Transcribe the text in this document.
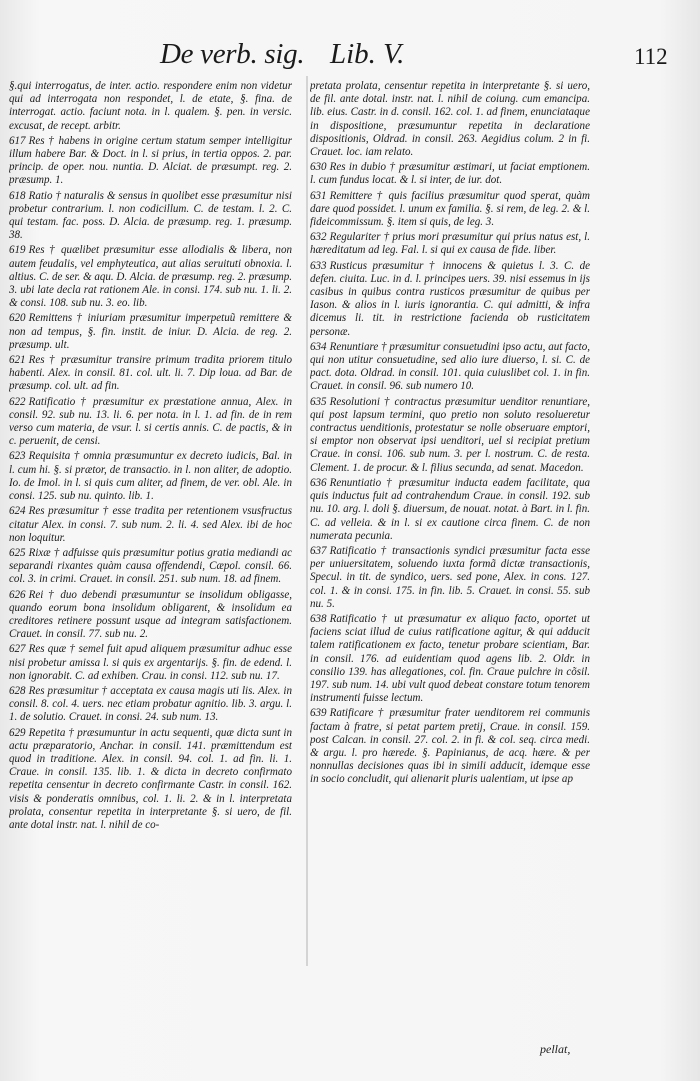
De verb. sig. Lib. V.	112

§.qui interrogatus, de inter. actio. respondere enim non videtur qui ad interrogata non respondet, l. de etate, §. fina. de interrogat. actio. faciunt nota. in l. qualem. §. pen. in versic. excusat, de recept. arbitr.

617 Res † habens in origine certum statum semper intelligitur illum habere Bar. & Doct. in l. si prius, in tertia oppos. 2. par. princip. de oper. nou. nuntia. D. Alciat. de præsumpt. reg. 2. præsump. 1.

618 Ratio † naturalis & sensus in quolibet esse præsumitur nisi probetur contrarium. l. non codicillum. C. de testam. l. 2. C. qui testam. fac. poss. D. Alcia. de præsump. reg. 1. præsump. 38.

619 Res † quælibet præsumitur esse allodialis & libera, non autem feudalis, vel emphyteutica, aut alias seruituti obnoxia. l. altius. C. de ser. & aqu. D. Alcia. de præsump. reg. 2. præsump. 3. ubi late decla rat rationem Ale. in consi. 174. sub nu. 1. li. 2. & consi. 108. sub nu. 3. eo. lib.

620 Remittens † iniuriam præsumitur imperpetuũ remittere & non ad tempus, §. fin. instit. de iniur. D. Alcia. de reg. 2. præsump. ult.

621 Res † præsumitur transire primum tradita priorem titulo habenti. Alex. in consil. 81. col. ult. li. 7. Dip loua. ad Bar. de præsump. col. ult. ad fin.

622 Ratificatio † præsumitur ex præstatione annua, Alex. in consil. 92. sub nu. 13. li. 6. per nota. in l. 1. ad fin. de in rem verso cum materia, de vsur. l. si certis annis. C. de pactis, & in c. peruenit, de censi.

623 Requisita † omnia præsumuntur ex decreto iudicis, Bal. in l. cum hi. §. si prætor, de transactio. in l. non aliter, de adoptio. Io. de Imol. in l. si quis cum aliter, ad finem, de ver. obl. Ale. in consi. 125. sub nu. quinto. lib. 1.

624 Res præsumitur † esse tradita per retentionem vsusfructus citatur Alex. in consi. 7. sub num. 2. li. 4. sed Alex. ibi de hoc non loquitur.

625 Rixæ † adfuisse quis præsumitur potius gratia mediandi ac separandi rixantes quàm causa offendendi, Cæpol. consil. 66. col. 3. in crimi. Crauet. in consil. 251. sub num. 18. ad finem.

626 Rei † duo debendi præsumuntur se insolidum obligasse, quando eorum bona insolidum obligarent, & insolidum ea creditores retinere possunt usque ad integram satisfactionem. Crauet. in consil. 77. sub nu. 2.

627 Res quæ † semel fuit apud aliquem præsumitur adhuc esse nisi probetur amissa l. si quis ex argentarijs. §. fin. de edend. l. non ignorabit. C. ad exhiben. Crau. in consi. 112. sub nu. 17.

628 Res præsumitur † acceptata ex causa magis uti lis. Alex. in consil. 8. col. 4. uers. nec etiam probatur agnitio. lib. 3. argu. l. 1. de solutio. Crauet. in consi. 24. sub num. 13.

629 Repetita † præsumuntur in actu sequenti, quæ dicta sunt in actu præparatorio, Anchar. in consil. 141. præmittendum est quod in traditione. Alex. in consil. 94. col. 1. ad fin. li. 1. Craue. in consil. 135. lib. 1. & dicta in decreto confirmato repetita censentur in decreto confirmante Castr. in consil. 162. visis & ponderatis omnibus, col. 1. li. 2. & in l. interpretata prolata, consentur repetita in interpretante §. si uero, de fil. ante dotal instr. nat. l. nihil de co-

pretata prolata, censentur repetita in interpretante §. si uero, de fil. ante dotal. instr. nat. l. nihil de coiung. cum emancipa. lib. eius. Castr. in d. consil. 162. col. 1. ad finem, enunciataque in dispositione, præsumuntur repetita in declaratione dispositionis, Oldrad. in consil. 263. Aegidius colum. 2 in fi. Crauet. loc. iam relato.

630 Res in dubio † præsumitur æstimari, ut faciat emptionem. l. cum fundus locat. & l. si inter, de iur. dot.

631 Remittere † quis facilius præsumitur quod sperat, quàm dare quod possidet. l. unum ex familia. §. si rem, de leg. 2. & l. fideicommissum. §. item si quis, de leg. 3.

632 Regulariter † prius mori præsumitur qui prius natus est, l. hæreditatum ad leg. Fal. l. si qui ex causa de fide. liber.

633 Rusticus præsumitur † innocens & quietus l. 3. C. de defen. ciuita. Luc. in d. l. principes uers. 39. nisi essemus in ijs casibus in quibus contra rusticos præsumitur de quibus per Iason. & alios in l. iuris ignorantia. C. qui admitti, & infra dicemus li. tit. in restrictione facienda ob rusticitatem personæ.

634 Renuntiare † præsumitur consuetudini ipso actu, aut facto, qui non utitur consuetudine, sed alio iure diuerso, l. si. C. de pact. dota. Oldrad. in consil. 101. quia cuiuslibet col. 1. in fin. Crauet. in consil. 96. sub numero 10.

635 Resolutioni † contractus præsumitur uenditor renuntiare, qui post lapsum termini, quo pretio non soluto resolueretur contractus uenditionis, protestatur se nolle obseruare emptori, si emptor non observat ipsi uenditori, uel si recipiat pretium Craue. in consi. 106. sub num. 3. per l. nostrum. C. de resta. Clement. 1. de procur. & l. filius secunda, ad senat. Macedon.

636 Renuntiatio † præsumitur inducta eadem facilitate, qua quis inductus fuit ad contrahendum Craue. in consil. 192. sub nu. 10. arg. l. doli §. diuersum, de nouat. notat. à Bart. in l. fin. C. ad velleia. & in l. si ex cautione circa finem. C. de non numerata pecunia.

637 Ratificatio † transactionis syndici præsumitur facta esse per uniuersitatem, soluendo iuxta formã dictæ transactionis, Specul. in tit. de syndico, uers. sed pone, Alex. in cons. 127. col. 1. & in consi. 175. in fin. lib. 5. Crauet. in consi. 55. sub nu. 5.

638 Ratificatio † ut præsumatur ex aliquo facto, oportet ut faciens sciat illud de cuius ratificatione agitur, & qui adducit talem ratificationem ex facto, tenetur probare scientiam, Bar. in consil. 176. ad euidentiam quod agens lib. 2. Oldr. in consilio 139. has allegationes, col. fin. Craue pulchre in cõsil. 197. sub num. 14. ubi vult quod debeat constare totum tenorem instrumenti fuisse lectum.

639 Ratificare † præsumitur frater uenditorem rei communis factam à fratre, si petat partem pretij, Craue. in consil. 159. post Calcan. in consil. 27. col. 2. in fi. & col. seq. circa medi. & argu. l. pro hærede. §. Papinianus, de acq. hære. & per nonnullas decisiones quas ibi in simili adducit, idemque esse in socio concludit, qui alienarit pluris ualentiam, ut ipse ap

pellat,
